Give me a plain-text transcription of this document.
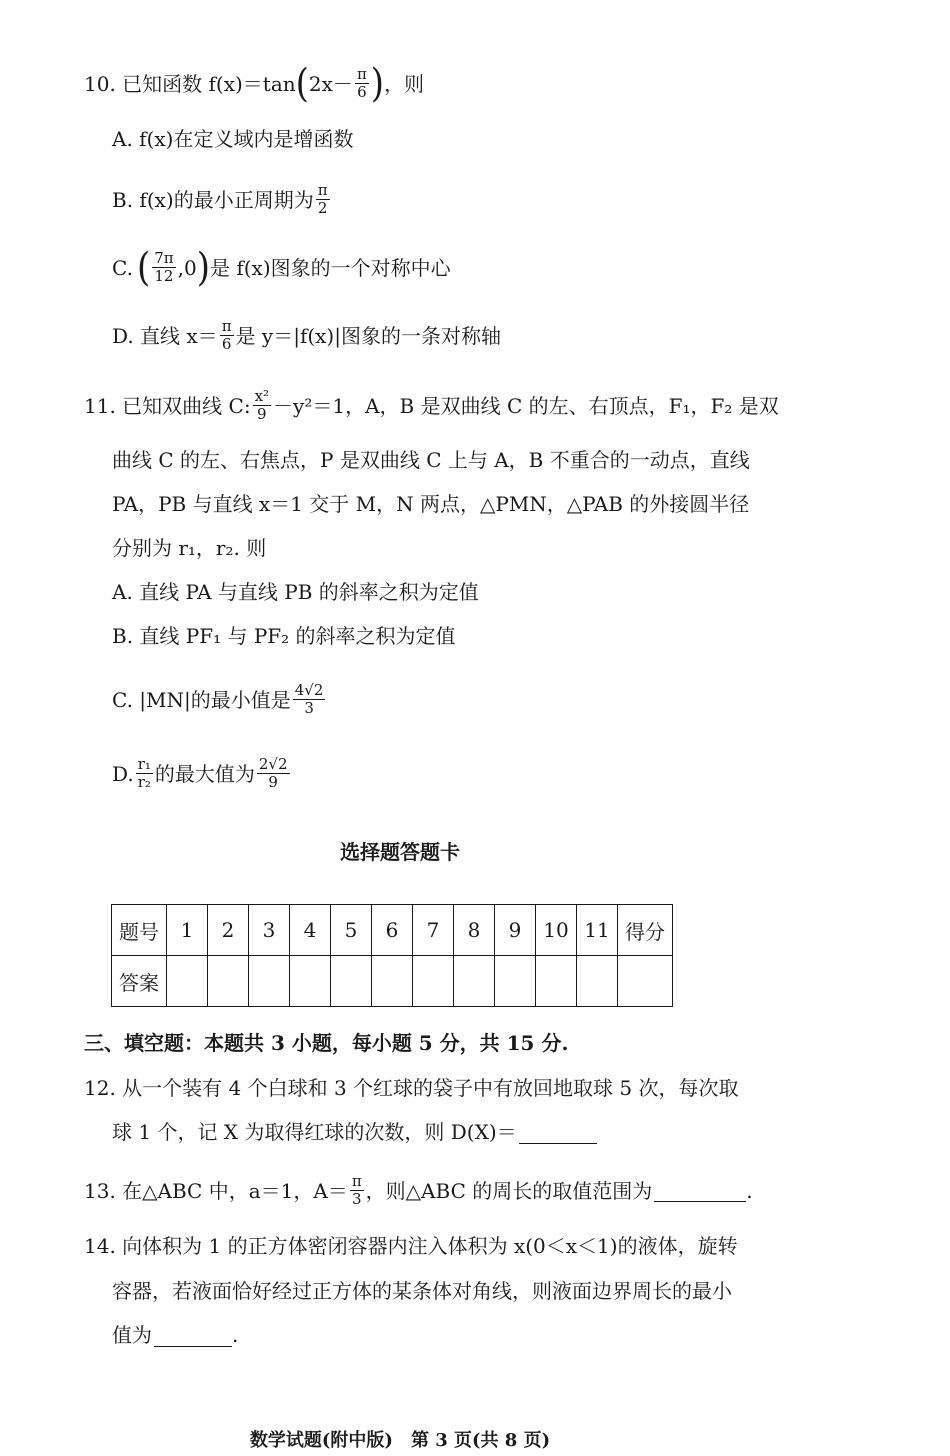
10. 已知函数 f(x)＝tan ( $2x- \frac{\pi}{6}$ ) ，则
A. f(x)在定义域内是增函数
B. f(x)的最小正周期为 $\frac{\pi}{2}$
C. ( $\frac{7\pi}{12} ,0$ ) 是 f(x)图象的一个对称中心
D. 直线 $x= \frac{\pi}{6}$ 是 y＝|f(x)|图象的一条对称轴
11. 已知双曲线 C: $\frac{\text{x²}}{9} -y^2=1$，A，B 是双曲线 C 的左、右顶点，F₁，F₂ 是双
曲线 C 的左、右焦点，P 是双曲线 C 上与 A，B 不重合的一动点，直线
PA，PB 与直线 x＝1 交于 M，N 两点，△PMN，△PAB 的外接圆半径
分别为 r₁，r₂. 则
A. 直线 PA 与直线 PB 的斜率之积为定值
B. 直线 PF₁ 与 PF₂ 的斜率之积为定值
C. |MN|的最小值是 $\frac{4√2}{3}$
D. $\frac{\text{r₁}}{\text{r₂}}$ 的最大值为 $\frac{2√2}{9}$
选择题答题卡
题号	1	2	3	4	5	6	7	8	9	10	11	得分
答案												
三、填空题：本题共 3 小题，每小题 5 分，共 15 分.
12. 从一个装有 4 个白球和 3 个红球的袋子中有放回地取球 5 次，每次取
球 1 个，记 X 为取得红球的次数，则 D(X)＝
13. 在△ABC 中，a＝1，$A= \frac{\pi}{3}$ ，则△ABC 的周长的取值范围为	.
14. 向体积为 1 的正方体密闭容器内注入体积为 x(0＜x＜1)的液体，旋转
容器，若液面恰好经过正方体的某条体对角线，则液面边界周长的最小
值为	.
数学试题(附中版)　第 3 页(共 8 页)
